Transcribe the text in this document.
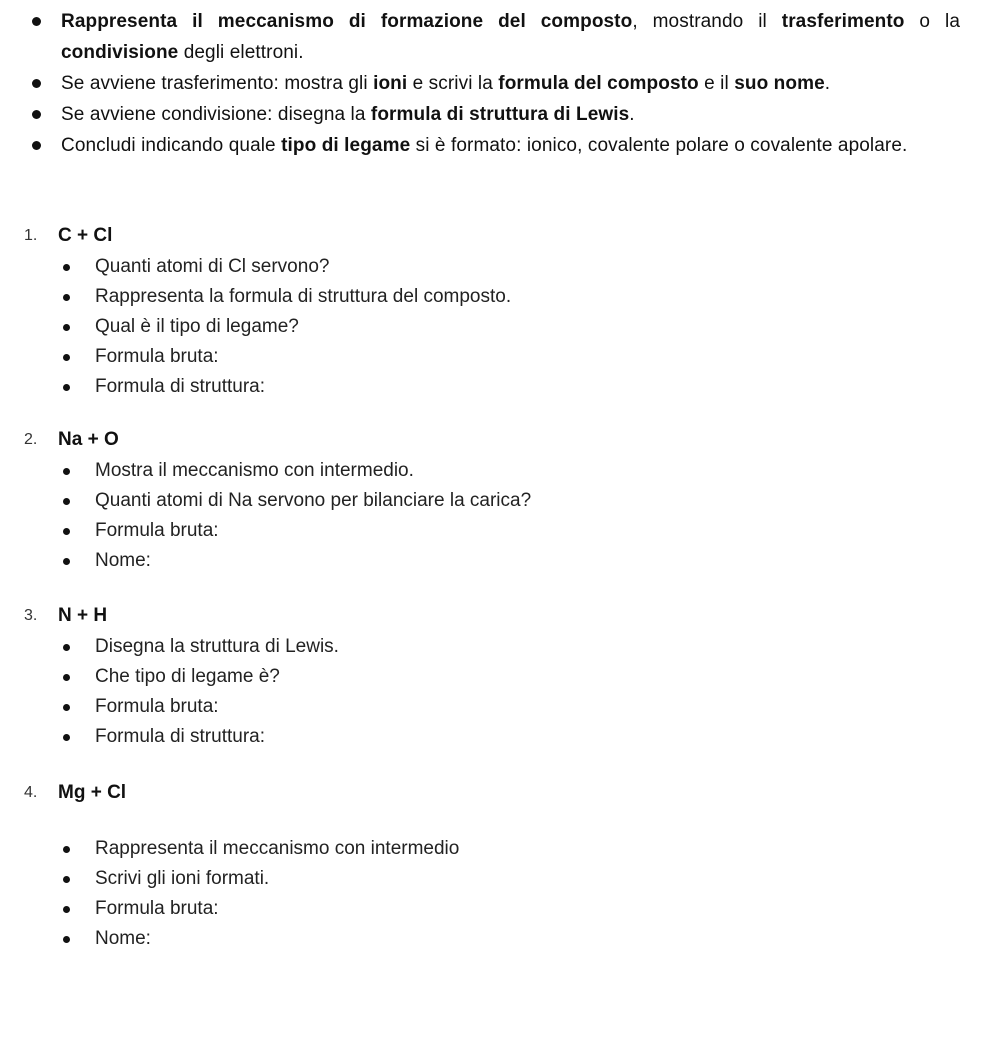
Rappresenta il meccanismo di formazione del composto, mostrando il trasferimento o la condivisione degli elettroni.
Se avviene trasferimento: mostra gli ioni e scrivi la formula del composto e il suo nome.
Se avviene condivisione: disegna la formula di struttura di Lewis.
Concludi indicando quale tipo di legame si è formato: ionico, covalente polare o covalente apolare.
1. C + Cl
Quanti atomi di Cl servono?
Rappresenta la formula di struttura del composto.
Qual è il tipo di legame?
Formula bruta:
Formula di struttura:
2. Na + O
Mostra il meccanismo con intermedio.
Quanti atomi di Na servono per bilanciare la carica?
Formula bruta:
Nome:
3. N + H
Disegna la struttura di Lewis.
Che tipo di legame è?
Formula bruta:
Formula di struttura:
4. Mg + Cl
Rappresenta il meccanismo con intermedio
Scrivi gli ioni formati.
Formula bruta:
Nome:
